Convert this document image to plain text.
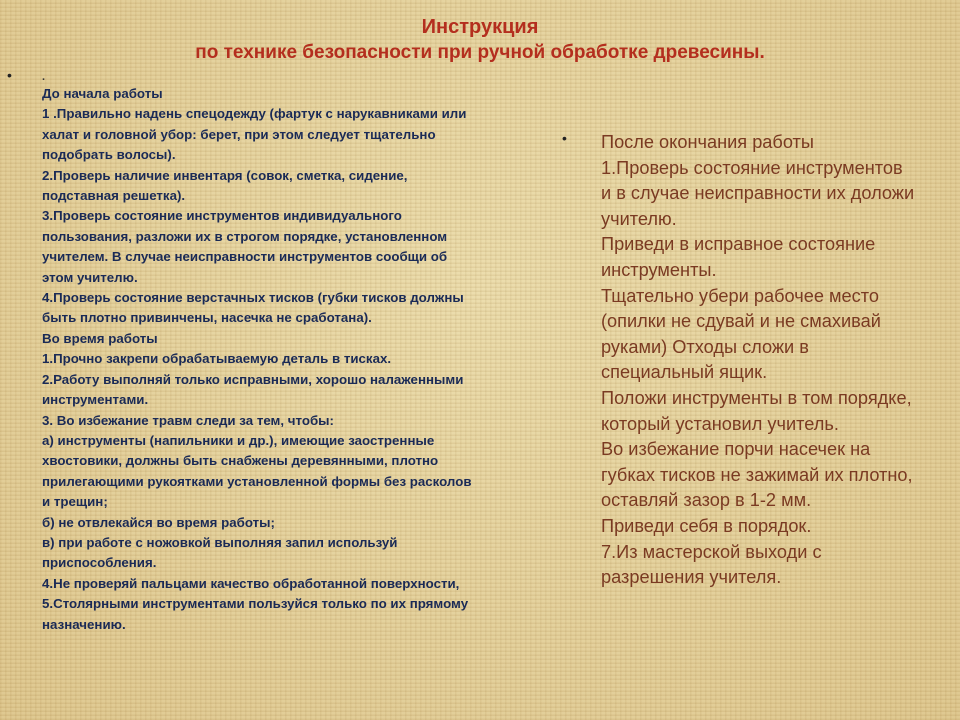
Инструкция
по технике безопасности при ручной обработке древесины.
•
•
.
До начала работы
1 .Правильно надень спецодежду (фартук с нарукавниками или
халат и головной убор: берет, при этом следует тщательно
подобрать волосы).
2.Проверь наличие инвентаря (совок, сметка, сидение,
подставная решетка).
3.Проверь состояние инструментов индивидуального
пользования, разложи их в строгом порядке, установленном
учителем. В случае неисправности инструментов сообщи об
этом учителю.
4.Проверь состояние верстачных тисков (губки тисков должны
быть плотно привинчены, насечка не сработана).
Во время работы
1.Прочно закрепи обрабатываемую деталь в тисках.
2.Работу выполняй только исправными, хорошо налаженными
инструментами.
3. Во избежание травм следи за тем, чтобы:
а) инструменты (напильники и др.), имеющие заостренные
хвостовики, должны быть снабжены деревянными, плотно
прилегающими рукоятками установленной формы без расколов
и трещин;
б) не отвлекайся во время работы;
в) при работе с ножовкой выполняя запил используй
приспособления.
4.Не проверяй пальцами качество обработанной поверхности,
5.Столярными инструментами пользуйся только по их прямому
назначению.
После окончания работы
1.Проверь состояние инструментов
и в случае неисправности их доложи
учителю.
Приведи в исправное состояние
инструменты.
Тщательно убери рабочее место
(опилки не сдувай и не смахивай
руками) Отходы сложи в
специальный ящик.
Положи инструменты в том порядке,
который установил учитель.
Во избежание порчи насечек на
губках тисков не зажимай их плотно,
оставляй зазор в 1-2 мм.
Приведи себя в порядок.
7.Из мастерской выходи с
разрешения учителя.
